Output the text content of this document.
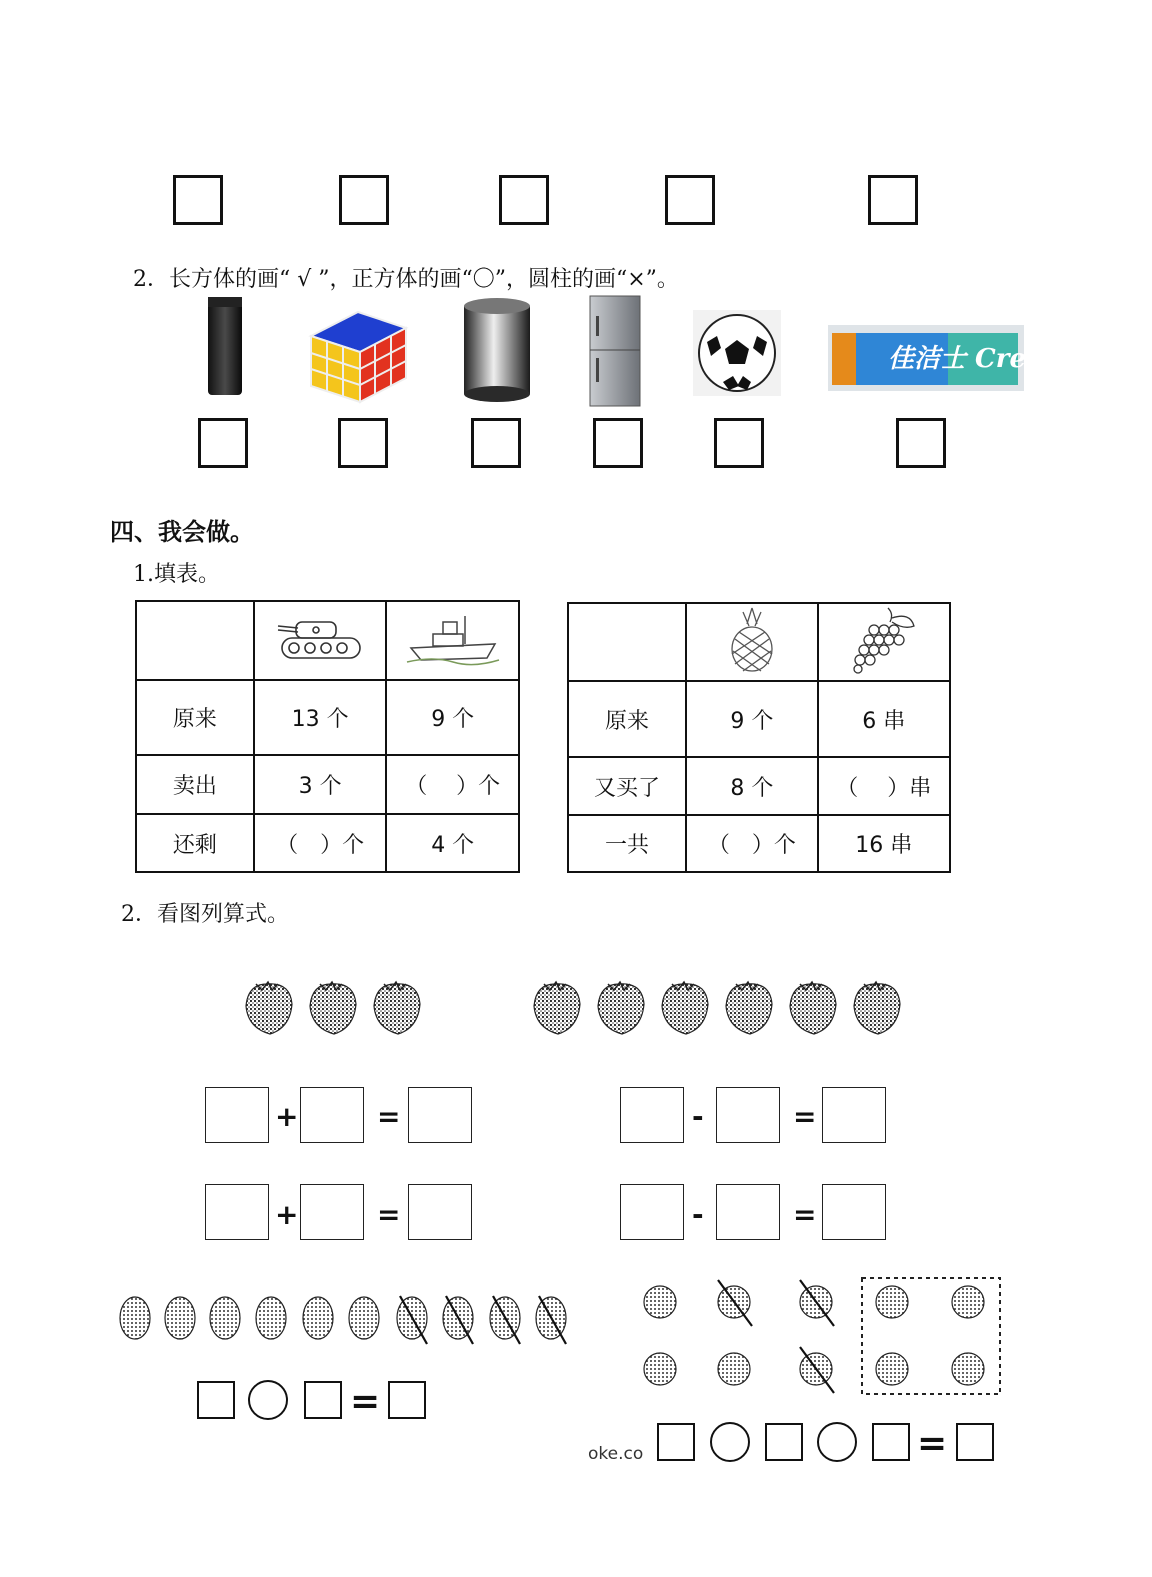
2．长方体的画“ √ ”，正方体的画“〇”，圆柱的画“×”。
佳洁士 Crest
四、我会做。
1.填表。

原来	13 个	9 个
卖出	3 个	（　 ）个
还剩	（　）个	4 个

原来	9 个	6 串
又买了	8 个	（　 ）串
一共	（　）个	16 串
2．看图列算式。
+	=
+	=
-	=
-	=
=
oke.co	=
